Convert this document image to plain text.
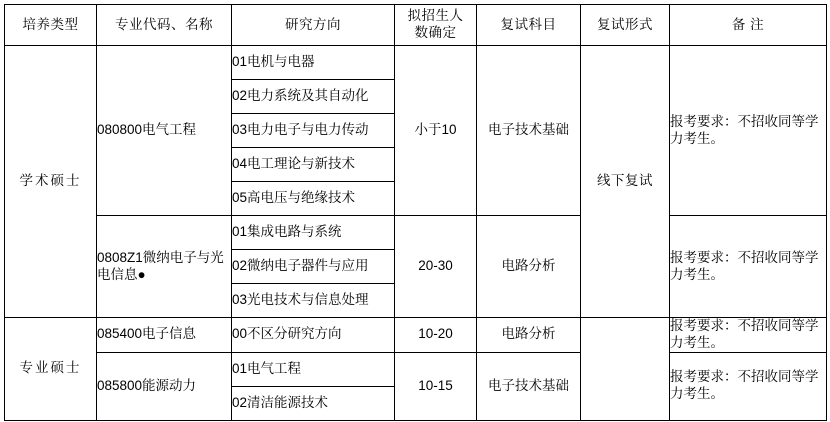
培养类型	专业代码、名称	研究方向	拟招生人
数确定	复试科目	复试形式	备 注
学术硕士	080800电气工程	01电机与电器	小于10	电子技术基础	线下复试	报考要求：不招收同等学力考生。
		02电力系统及其自动化				
		03电力电子与电力传动				
		04电工理论与新技术				
		05高电压与绝缘技术				
	0808Z1微纳电子与光电信息●	01集成电路与系统	20-30	电路分析		报考要求：不招收同等学力考生。
		02微纳电子器件与应用				
		03光电技术与信息处理				
专业硕士	085400电子信息	00不区分研究方向	10-20	电路分析		报考要求：不招收同等学力考生。
	085800能源动力	01电气工程	10-15	电子技术基础		报考要求：不招收同等学力考生。
		02清洁能源技术				
